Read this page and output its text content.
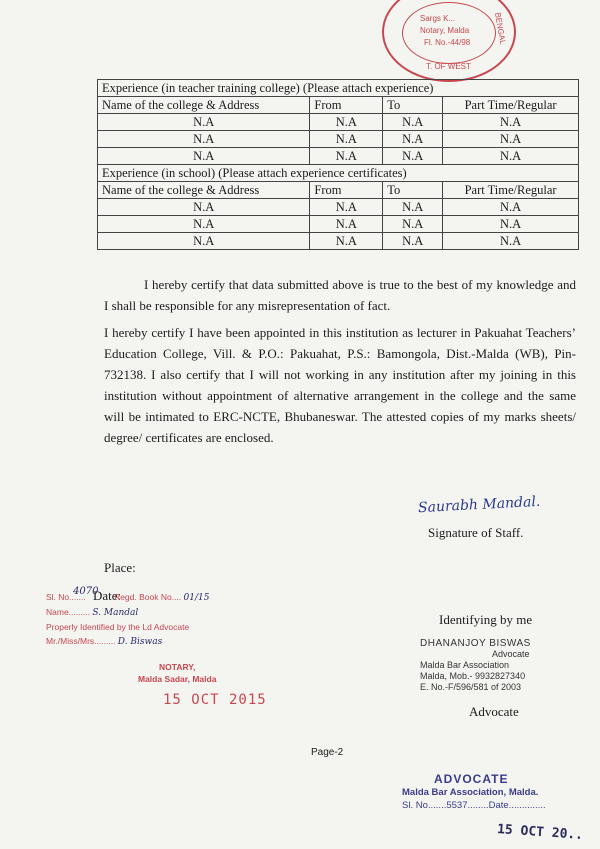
Sargs K...
Notary, Malda
Fl. No.-44/98
T. OF WEST
BENGAL
Experience (in teacher training college) (Please attach experience)			
Name of the college & Address	From	To	Part Time/Regular
N.A	N.A	N.A	N.A
N.A	N.A	N.A	N.A
N.A	N.A	N.A	N.A
Experience (in school) (Please attach experience certificates)			
Name of the college & Address	From	To	Part Time/Regular
N.A	N.A	N.A	N.A
N.A	N.A	N.A	N.A
N.A	N.A	N.A	N.A

I hereby certify that data submitted above is true to the best of my knowledge and I shall be responsible for any misrepresentation of fact.

I hereby certify I have been appointed in this institution as lecturer in Pakuahat Teachers’ Education College, Vill. & P.O.: Pakuahat, P.S.: Bamongola, Dist.-Malda (WB), Pin-732138. I also certify that I will not working in any institution after my joining in this institution without appointment of alternative arrangement in the college and the same will be intimated to ERC-NCTE, Bhubaneswar. The attested copies of my marks sheets/ degree/ certificates are enclosed.

Saurabh Mandal.
Signature of Staff.
Place:
4070
Date:
Sl. No.......	Regd. Book No.... 01/15
Name......... S. Mandal
Properly Identified by the Ld Advocate
Mr./Miss/Mrs......... D. Biswas
NOTARY,
Malda Sadar, Malda
15 OCT 2015
Identifying by me
DHANANJOY BISWAS
Advocate
Malda Bar Association
Malda, Mob.- 9932827340
E. No.-F/596/581 of 2003
Advocate
Page-2
ADVOCATE
Malda Bar Association, Malda.
Sl. No.......5537........Date..............
15 OCT 20..
